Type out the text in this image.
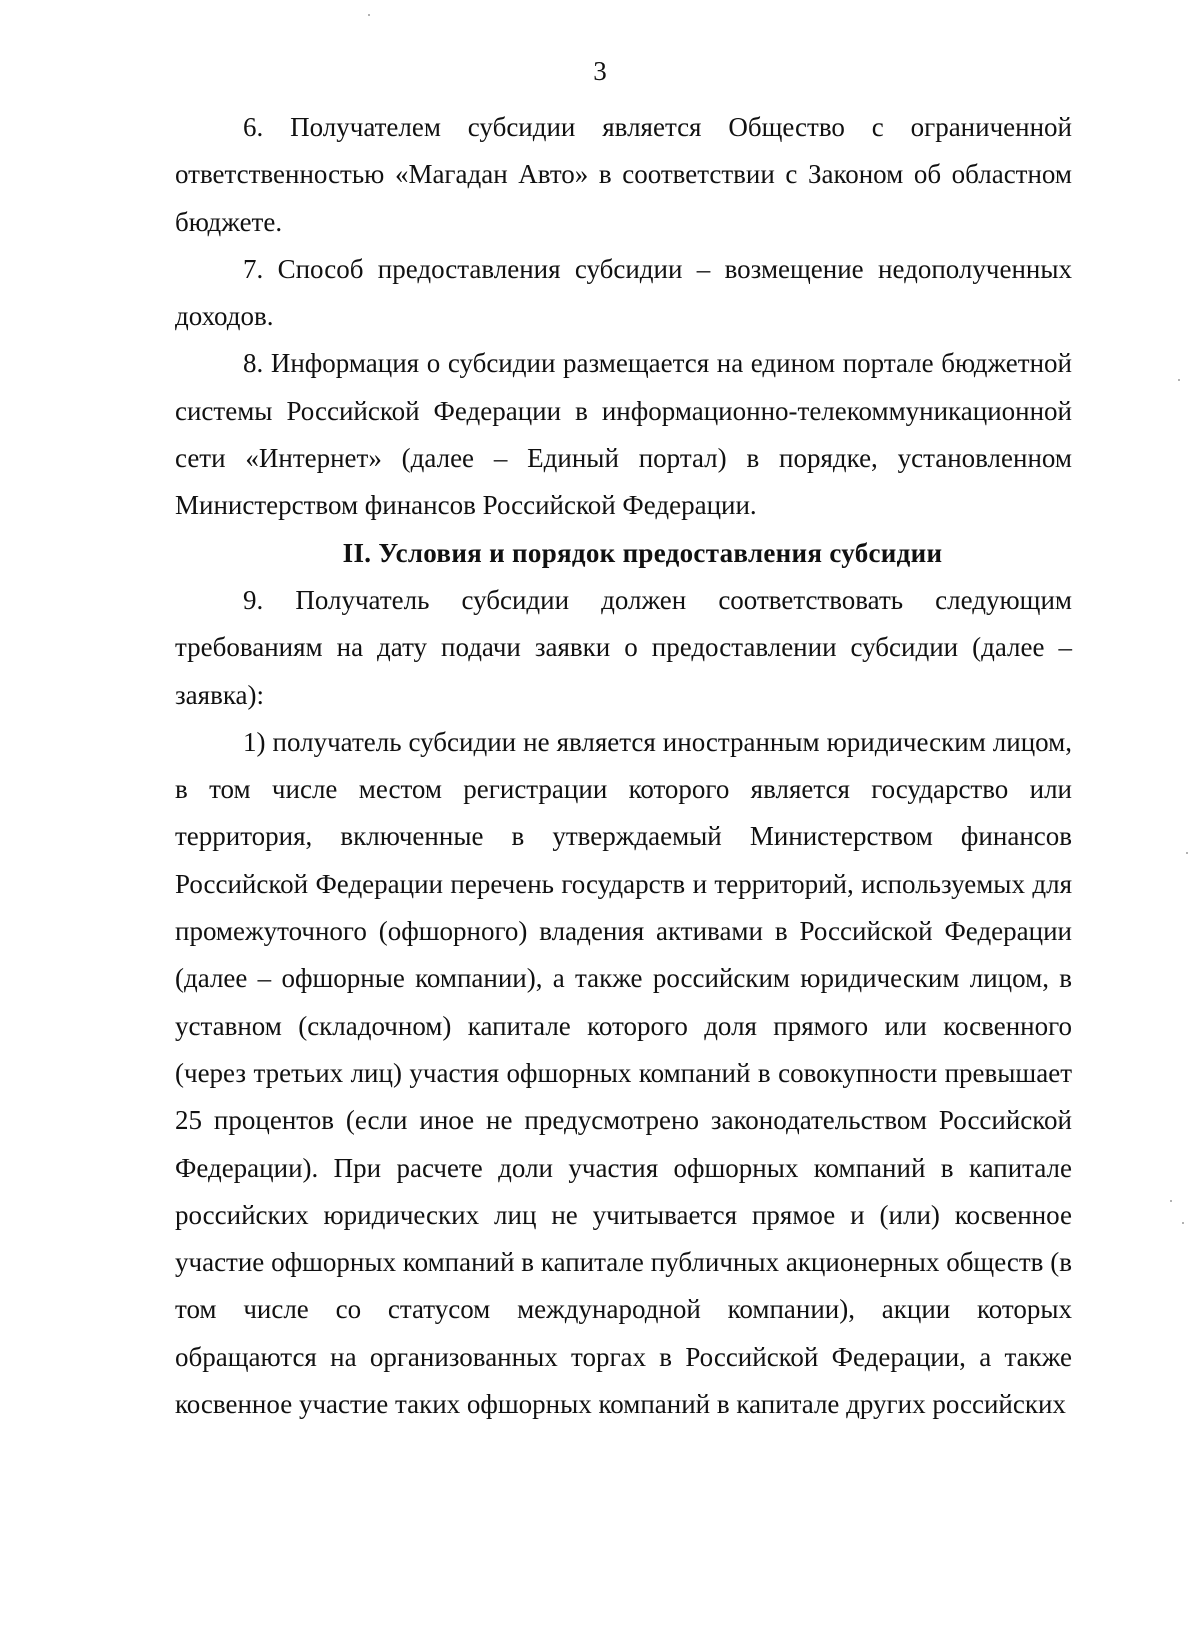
3

6. Получателем субсидии является Общество с ограниченной ответственностью «Магадан Авто» в соответствии с Законом об областном бюджете.

7. Способ предоставления субсидии – возмещение недополученных доходов.

8. Информация о субсидии размещается на едином портале бюджетной системы Российской Федерации в информационно-телекоммуникационной сети «Интернет» (далее – Единый портал) в порядке, установленном Министерством финансов Российской Федерации.

II. Условия и порядок предоставления субсидии

9. Получатель субсидии должен соответствовать следующим требованиям на дату подачи заявки о предоставлении субсидии (далее – заявка):

1) получатель субсидии не является иностранным юридическим лицом, в том числе местом регистрации которого является государство или территория, включенные в утверждаемый Министерством финансов Российской Федерации перечень государств и территорий, используемых для промежуточного (офшорного) владения активами в Российской Федерации (далее – офшорные компании), а также российским юридическим лицом, в уставном (складочном) капитале которого доля прямого или косвенного (через третьих лиц) участия офшорных компаний в совокупности превышает 25 процентов (если иное не предусмотрено законодательством Российской Федерации). При расчете доли участия офшорных компаний в капитале российских юридических лиц не учитывается прямое и (или) косвенное участие офшорных компаний в капитале публичных акционерных обществ (в том числе со статусом международной компании), акции которых обращаются на организованных торгах в Российской Федерации, а также косвенное участие таких офшорных компаний в капитале других российских
